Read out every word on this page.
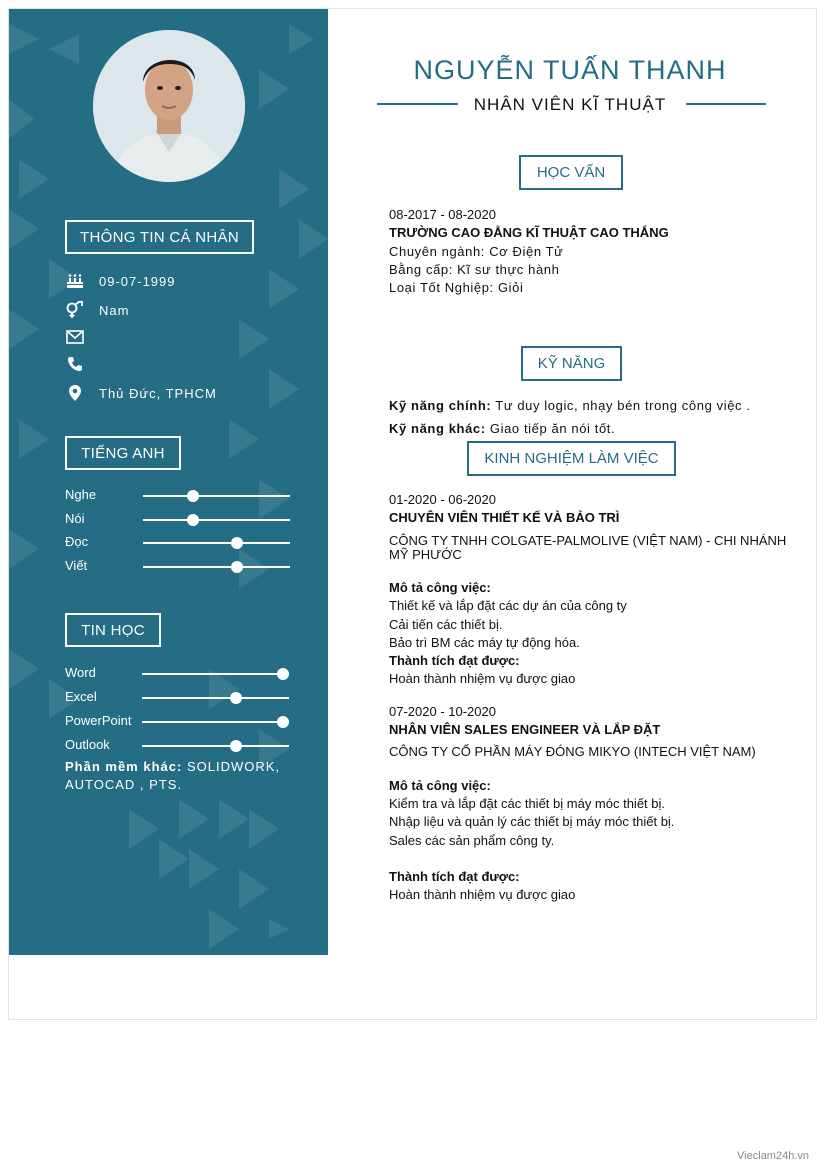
THÔNG TIN CÁ NHÂN
09-07-1999
Nam
Thủ Đức, TPHCM
TIẾNG ANH
Nghe
Nói
Đọc
Viết
TIN HỌC
Word
Excel
PowerPoint
Outlook
Phần mềm khác: SOLIDWORK, AUTOCAD , PTS.
NGUYỄN TUẤN THANH
NHÂN VIÊN KĨ THUẬT
HỌC VẤN
08-2017 - 08-2020
TRƯỜNG CAO ĐẲNG KĨ THUẬT CAO THẮNG
Chuyên ngành: Cơ Điện Tử
Bằng cấp: Kĩ sư thực hành
Loại Tốt Nghiệp: Giỏi
KỸ NĂNG
Kỹ năng chính: Tư duy logic, nhạy bén trong công việc .
Kỹ năng khác: Giao tiếp ăn nói tốt.
KINH NGHIỆM LÀM VIỆC
01-2020 - 06-2020
CHUYÊN VIÊN THIẾT KẾ VÀ BẢO TRÌ
CÔNG TY TNHH COLGATE-PALMOLIVE (VIỆT NAM) - CHI NHÁNH
MỸ PHƯỚC
Mô tả công việc:
Thiết kế và lắp đặt các dự án của công ty
Cải tiến các thiết bị.
Bảo trì BM các máy tự động hóa.
Thành tích đạt được:
Hoàn thành nhiệm vụ được giao
07-2020 - 10-2020
NHÂN VIÊN SALES ENGINEER VÀ LẮP ĐẶT
CÔNG TY CỔ PHẦN MÁY ĐÓNG MIKYO (INTECH VIỆT NAM)
Mô tả công việc:
Kiểm tra và lắp đặt các thiết bị máy móc thiết bị.
Nhập liệu và quản lý các thiết bị máy móc thiết bị.
Sales các sản phẩm công ty.
Thành tích đạt được:
Hoàn thành nhiệm vụ được giao
Vieclam24h.vn
